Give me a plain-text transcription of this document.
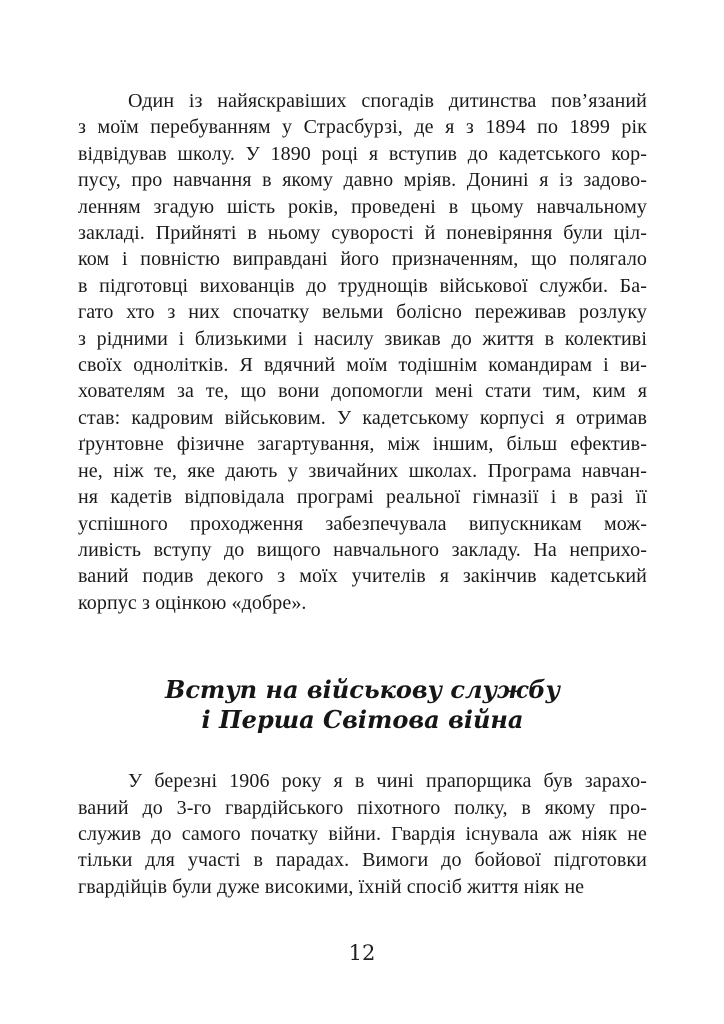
Один із найяскравіших спогадів дитинства пов’язаний
з моїм перебуванням у Страсбурзі, де я з 1894 по 1899 рік
відвідував школу. У 1890 році я вступив до кадетського кор-
пусу, про навчання в якому давно мріяв. Донині я із задово-
ленням згадую шість років, проведені в цьому навчальному
закладі. Прийняті в ньому суворості й поневіряння були ціл-
ком і повністю виправдані його призначенням, що полягало
в підготовці вихованців до труднощів військової служби. Ба-
гато хто з них спочатку вельми болісно переживав розлуку
з рідними і близькими і насилу звикав до життя в колективі
своїх однолітків. Я вдячний моїм тодішнім командирам і ви-
хователям за те, що вони допомогли мені стати тим, ким я
став: кадровим військовим. У кадетському корпусі я отримав
ґрунтовне фізичне загартування, між іншим, більш ефектив-
не, ніж те, яке дають у звичайних школах. Програма навчан-
ня кадетів відповідала програмі реальної гімназії і в разі її
успішного проходження забезпечувала випускникам мож-
ливість вступу до вищого навчального закладу. На неприхо-
ваний подив декого з моїх учителів я закінчив кадетський
корпус з оцінкою «добре».
Вступ на військову службу
і Перша Світова війна
У березні 1906 року я в чині прапорщика був зарахо-
ваний до 3-го гвардійського піхотного полку, в якому про-
служив до самого початку війни. Гвардія існувала аж ніяк не
тільки для участі в парадах. Вимоги до бойової підготовки
гвардійців були дуже високими, їхній спосіб життя ніяк не
12
